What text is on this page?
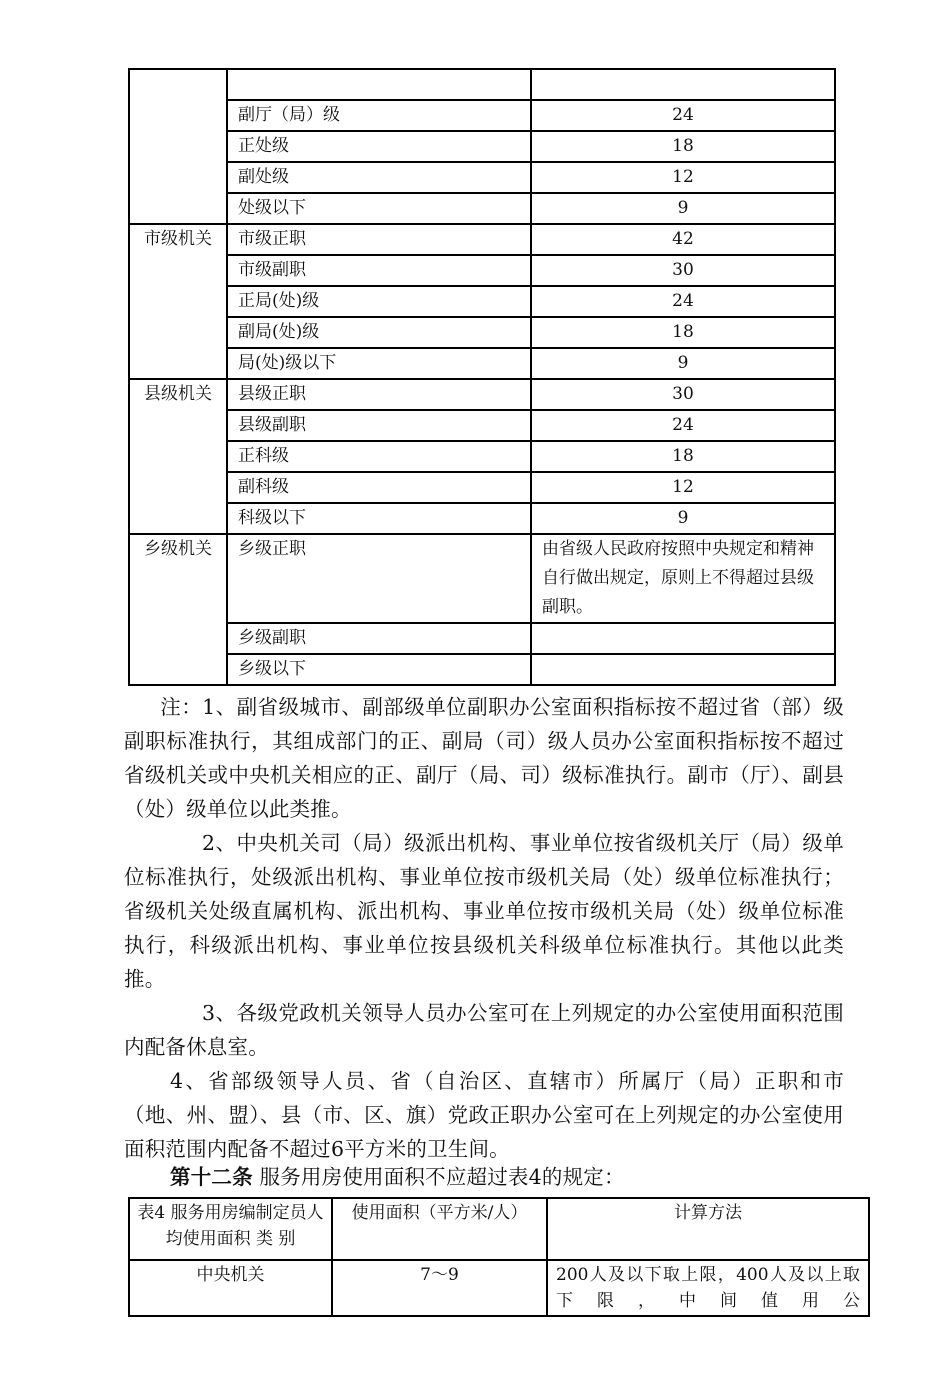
	副厅（局）级	24
	正处级	18
	副处级	12
	处级以下	9
市级机关	市级正职	42
	市级副职	30
	正局(处)级	24
	副局(处)级	18
	局(处)级以下	9
县级机关	县级正职	30
	县级副职	24
	正科级	18
	副科级	12
	科级以下	9
乡级机关	乡级正职	由省级人民政府按照中央规定和精神自行做出规定，原则上不得超过县级副职。
	乡级副职	
	乡级以下	
注：1、副省级城市、副部级单位副职办公室面积指标按不超过省（部）级副职标准执行，其组成部门的正、副局（司）级人员办公室面积指标按不超过省级机关或中央机关相应的正、副厅（局、司）级标准执行。副市（厅）、副县（处）级单位以此类推。
2、中央机关司（局）级派出机构、事业单位按省级机关厅（局）级单位标准执行，处级派出机构、事业单位按市级机关局（处）级单位标准执行；省级机关处级直属机构、派出机构、事业单位按市级机关局（处）级单位标准执行，科级派出机构、事业单位按县级机关科级单位标准执行。其他以此类推。
3、各级党政机关领导人员办公室可在上列规定的办公室使用面积范围内配备休息室。
4、省部级领导人员、省（自治区、直辖市）所属厅（局）正职和市（地、州、盟）、县（市、区、旗）党政正职办公室可在上列规定的办公室使用面积范围内配备不超过6平方米的卫生间。
第十二条 服务用房使用面积不应超过表4的规定：
表4 服务用房编制定员人均使用面积 类 别	使用面积（平方米/人）	计算方法
中央机关	7～9	200人及以下取上限，400人及以上取 下 限 ， 中 间 值 用 公
